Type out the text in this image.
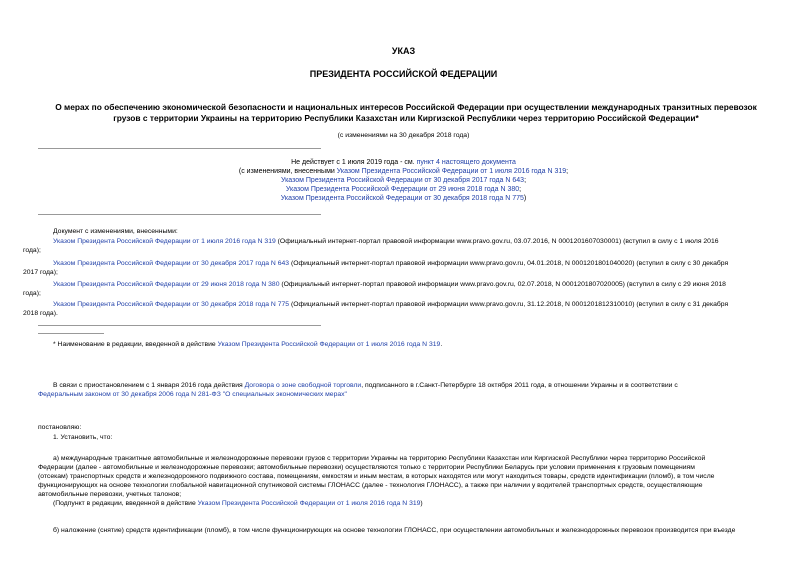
УКАЗ
ПРЕЗИДЕНТА РОССИЙСКОЙ ФЕДЕРАЦИИ
О мерах по обеспечению экономической безопасности и национальных интересов Российской Федерации при осуществлении международных транзитных перевозок грузов с территории Украины на территорию Республики Казахстан или Киргизской Республики через территорию Российской Федерации*
(с изменениями на 30 декабря 2018 года)
Не действует с 1 июля 2019 года - см. пункт 4 настоящего документа
(с изменениями, внесенными Указом Президента Российской Федерации от 1 июля 2016 года N 319;
Указом Президента Российской Федерации от 30 декабря 2017 года N 643;
Указом Президента Российской Федерации от 29 июня 2018 года N 380;
Указом Президента Российской Федерации от 30 декабря 2018 года N 775)
Документ с изменениями, внесенными:
Указом Президента Российской Федерации от 1 июля 2016 года N 319 (Официальный интернет-портал правовой информации www.pravo.gov.ru, 03.07.2016, N 0001201607030001) (вступил в силу с 1 июля 2016
года);
Указом Президента Российской Федерации от 30 декабря 2017 года N 643 (Официальный интернет-портал правовой информации www.pravo.gov.ru, 04.01.2018, N 0001201801040020) (вступил в силу с 30 декабря
2017 года);
Указом Президента Российской Федерации от 29 июня 2018 года N 380 (Официальный интернет-портал правовой информации www.pravo.gov.ru, 02.07.2018, N 0001201807020005) (вступил в силу с 29 июня 2018
года);
Указом Президента Российской Федерации от 30 декабря 2018 года N 775 (Официальный интернет-портал правовой информации www.pravo.gov.ru, 31.12.2018, N 0001201812310010) (вступил в силу с 31 декабря
2018 года).
* Наименование в редакции, введенной в действие Указом Президента Российской Федерации от 1 июля 2016 года N 319.
В связи с приостановлением с 1 января 2016 года действия Договора о зоне свободной торговли, подписанного в г.Санкт-Петербурге 18 октября 2011 года, в отношении Украины и в соответствии с
Федеральным законом от 30 декабря 2006 года N 281-ФЗ "О специальных экономических мерах"
постановляю:
1. Установить, что:
а) международные транзитные автомобильные и железнодорожные перевозки грузов с территории Украины на территорию Республики Казахстан или Киргизской Республики через территорию Российской
Федерации (далее - автомобильные и железнодорожные перевозки; автомобильные перевозки) осуществляются только с территории Республики Беларусь при условии применения к грузовым помещениям
(отсекам) транспортных средств и железнодорожного подвижного состава, помещениям, емкостям и иным местам, в которых находятся или могут находиться товары, средств идентификации (пломб), в том числе
функционирующих на основе технологии глобальной навигационной спутниковой системы ГЛОНАСС (далее - технология ГЛОНАСС), а также при наличии у водителей транспортных средств, осуществляющие
автомобильные перевозки, учетных талонов;
(Подпункт в редакции, введенной в действие Указом Президента Российской Федерации от 1 июля 2016 года N 319)
б) наложение (снятие) средств идентификации (пломб), в том числе функционирующих на основе технологии ГЛОНАСС, при осуществлении автомобильных и железнодорожных перевозок производится при въезде
